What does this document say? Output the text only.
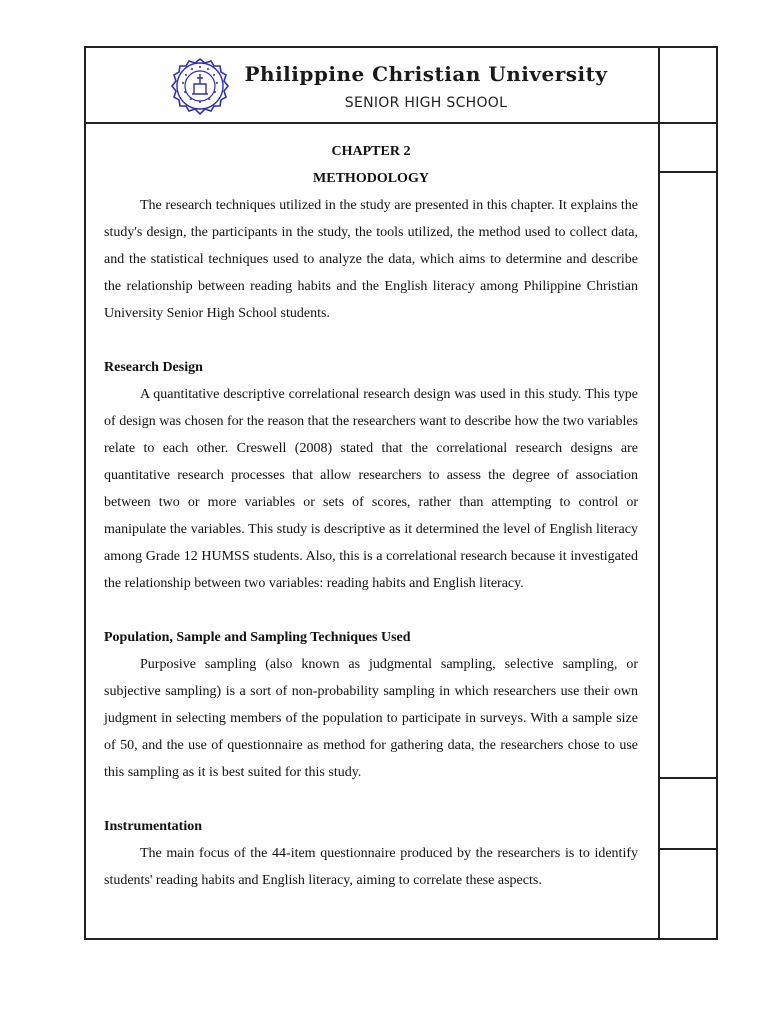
Philippine Christian University
SENIOR HIGH SCHOOL
CHAPTER 2
METHODOLOGY

The research techniques utilized in the study are presented in this chapter. It explains the study's design, the participants in the study, the tools utilized, the method used to collect data, and the statistical techniques used to analyze the data, which aims to determine and describe the relationship between reading habits and the English literacy among Philippine Christian University Senior High School students.

Research Design

A quantitative descriptive correlational research design was used in this study. This type of design was chosen for the reason that the researchers want to describe how the two variables relate to each other. Creswell (2008) stated that the correlational research designs are quantitative research processes that allow researchers to assess the degree of association between two or more variables or sets of scores, rather than attempting to control or manipulate the variables. This study is descriptive as it determined the level of English literacy among Grade 12 HUMSS students. Also, this is a correlational research because it investigated the relationship between two variables: reading habits and English literacy.

Population, Sample and Sampling Techniques Used

Purposive sampling (also known as judgmental sampling, selective sampling, or subjective sampling) is a sort of non-probability sampling in which researchers use their own judgment in selecting members of the population to participate in surveys. With a sample size of 50, and the use of questionnaire as method for gathering data, the researchers chose to use this sampling as it is best suited for this study.

Instrumentation

The main focus of the 44-item questionnaire produced by the researchers is to identify students' reading habits and English literacy, aiming to correlate these aspects.
